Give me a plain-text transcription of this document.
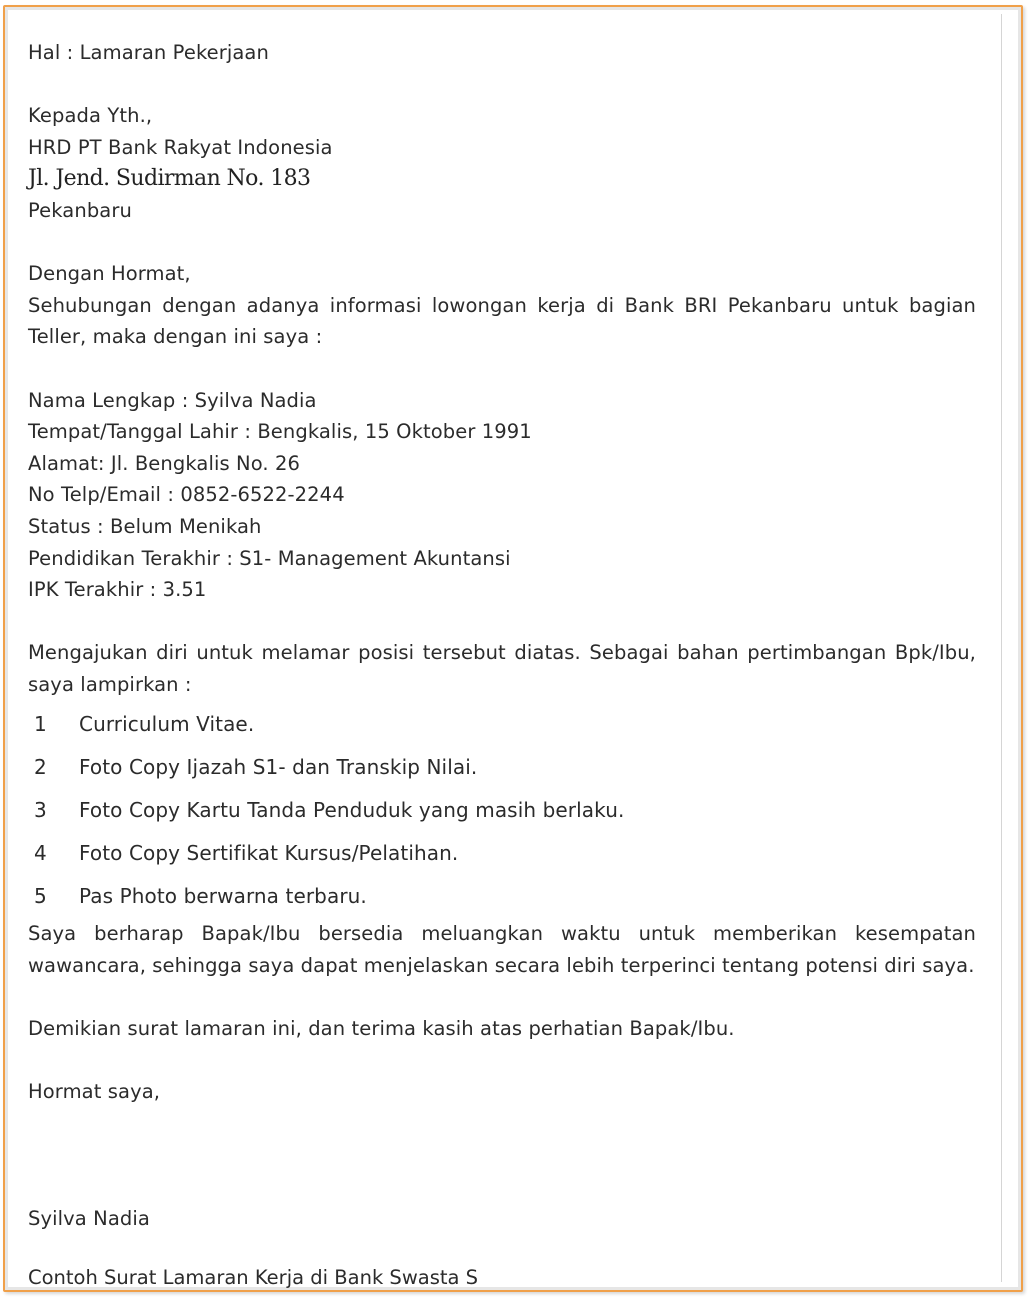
Hal : Lamaran Pekerjaan

Kepada Yth.,

HRD PT Bank Rakyat Indonesia

Jl. Jend. Sudirman No. 183

Pekanbaru

Dengan Hormat,

Sehubungan dengan adanya informasi lowongan kerja di Bank BRI Pekanbaru untuk bagian Teller, maka dengan ini saya :

Nama Lengkap : Syilva Nadia

Tempat/Tanggal Lahir : Bengkalis, 15 Oktober 1991

Alamat: Jl. Bengkalis No. 26

No Telp/Email : 0852-6522-2244

Status : Belum Menikah

Pendidikan Terakhir : S1- Management Akuntansi

IPK Terakhir : 3.51

Mengajukan diri untuk melamar posisi tersebut diatas. Sebagai bahan pertimbangan Bpk/Ibu, saya lampirkan :

1	Curriculum Vitae.
2	Foto Copy Ijazah S1- dan Transkip Nilai.
3	Foto Copy Kartu Tanda Penduduk yang masih berlaku.
4	Foto Copy Sertifikat Kursus/Pelatihan.
5	Pas Photo berwarna terbaru.

Saya berharap Bapak/Ibu bersedia meluangkan waktu untuk memberikan kesempatan wawancara, sehingga saya dapat menjelaskan secara lebih terperinci tentang potensi diri saya.

Demikian surat lamaran ini, dan terima kasih atas perhatian Bapak/Ibu.

Hormat saya,

Syilva Nadia

Contoh Surat Lamaran Kerja di Bank Swasta S
